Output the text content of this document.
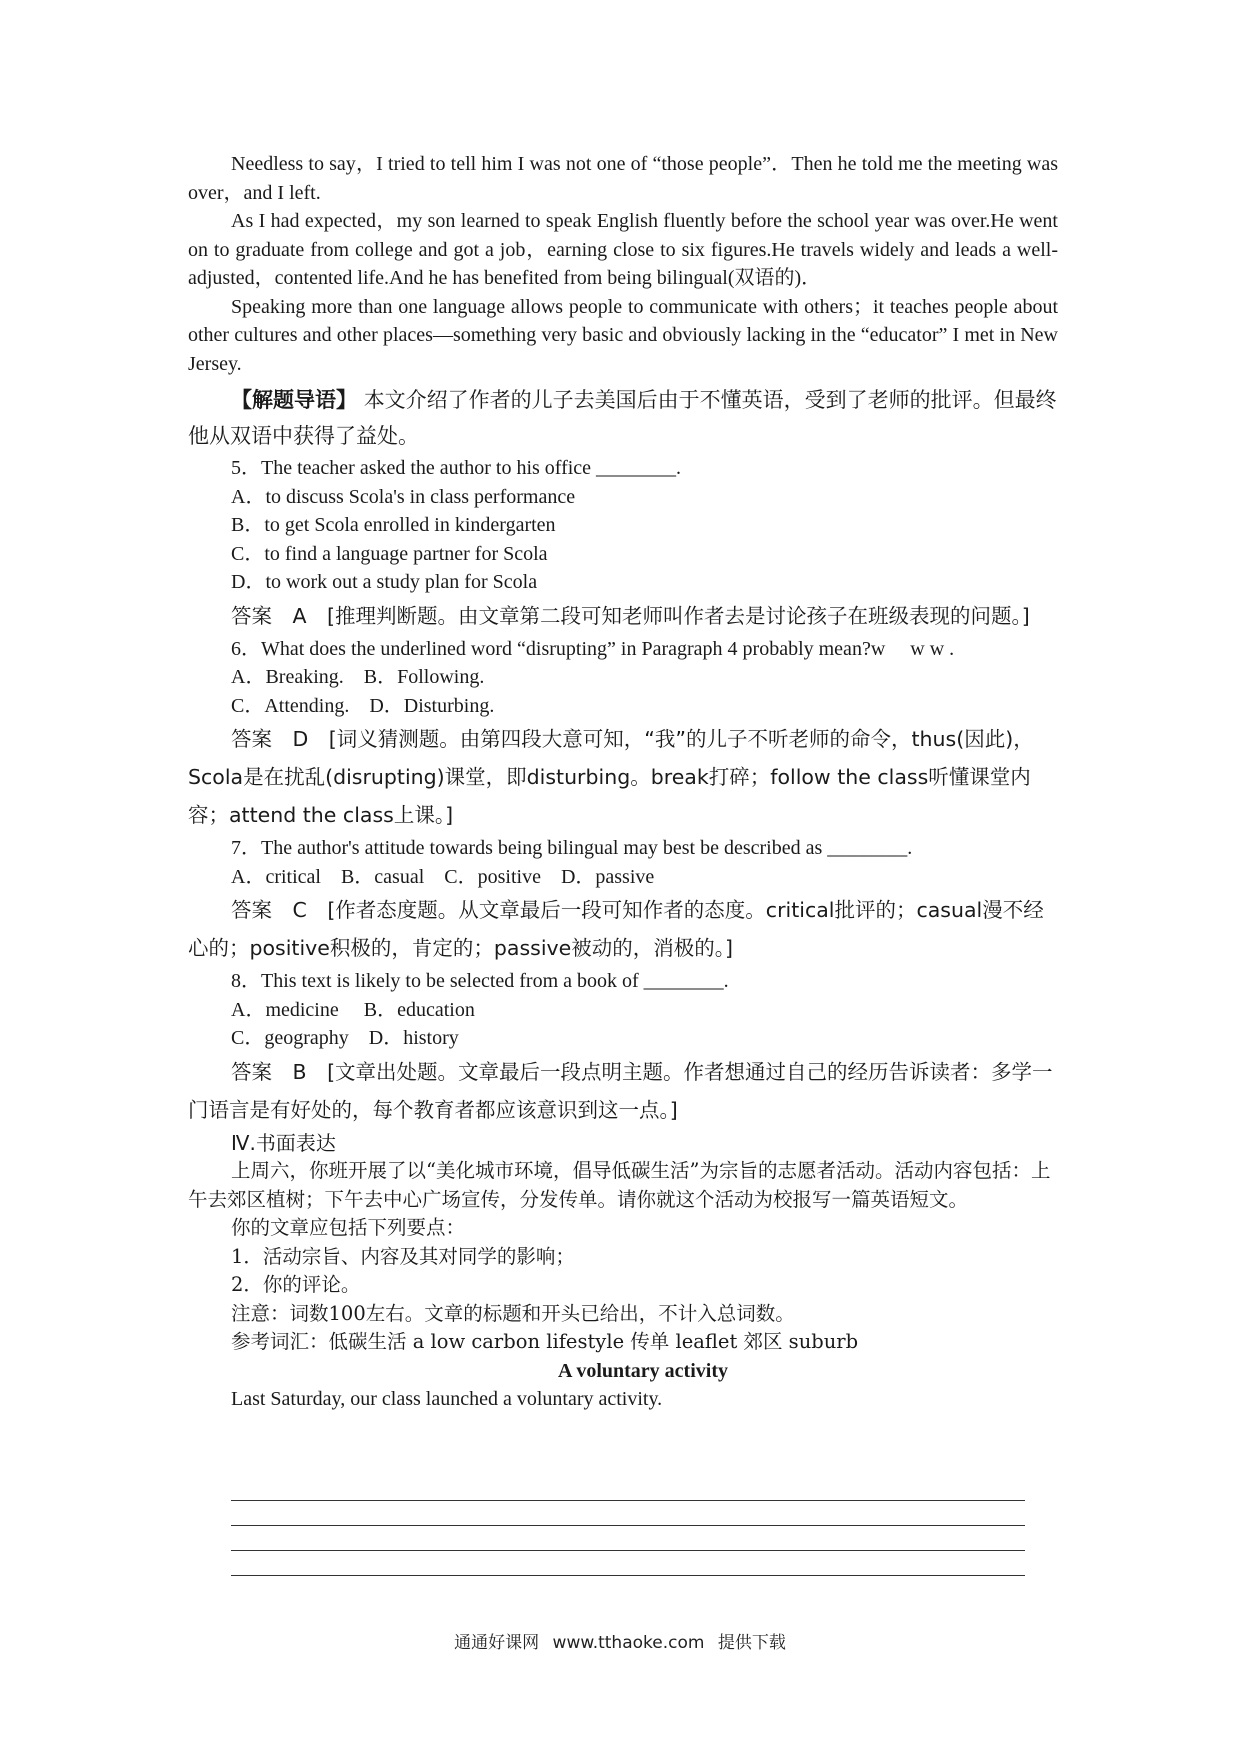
Needless to say，I tried to tell him I was not one of “those people”．Then he told me the meeting was over，and I left.

As I had expected，my son learned to speak English fluently before the school year was over.He went on to graduate from college and got a job，earning close to six figures.He travels widely and leads a well adjusted，contented life.And he has benefited from being bilingual(双语的)．

Speaking more than one language allows people to communicate with others；it teaches people about other cultures and other places—something very basic and obviously lacking in the “educator” I met in New Jersey.

【解题导语】 本文介绍了作者的儿子去美国后由于不懂英语，受到了老师的批评。但最终他从双语中获得了益处。

5．The teacher asked the author to his office ________.

A．to discuss Scola's in class performance

B．to get Scola enrolled in kindergarten

C．to find a language partner for Scola

D．to work out a study plan for Scola

答案　A　[推理判断题。由文章第二段可知老师叫作者去是讨论孩子在班级表现的问题。]

6．What does the underlined word “disrupting” in Paragraph 4 probably mean?w　 w w .

A．Breaking.　B．Following.

C．Attending.　D．Disturbing.

答案　D　[词义猜测题。由第四段大意可知，“我”的儿子不听老师的命令，thus(因此)，Scola是在扰乱(disrupting)课堂，即disturbing。break打碎；follow the class听懂课堂内容；attend the class上课。]

7．The author's attitude towards being bilingual may best be described as ________.

A．critical　B．casual　C．positive　D．passive

答案　C　[作者态度题。从文章最后一段可知作者的态度。critical批评的；casual漫不经心的；positive积极的，肯定的；passive被动的，消极的。]

8．This text is likely to be selected from a book of ________.

A．medicine　 B．education

C．geography　D．history

答案　B　[文章出处题。文章最后一段点明主题。作者想通过自己的经历告诉读者：多学一门语言是有好处的，每个教育者都应该意识到这一点。]

Ⅳ.书面表达

上周六，你班开展了以“美化城市环境，倡导低碳生活”为宗旨的志愿者活动。活动内容包括：上午去郊区植树；下午去中心广场宣传，分发传单。请你就这个活动为校报写一篇英语短文。

你的文章应包括下列要点：

1．活动宗旨、内容及其对同学的影响；

2．你的评论。

注意：词数100左右。文章的标题和开头已给出，不计入总词数。

参考词汇：低碳生活 a low carbon lifestyle 传单 leaflet 郊区 suburb

A voluntary activity

Last Saturday, our class launched a voluntary activity.

通通好课网 www.tthaoke.com 提供下载
